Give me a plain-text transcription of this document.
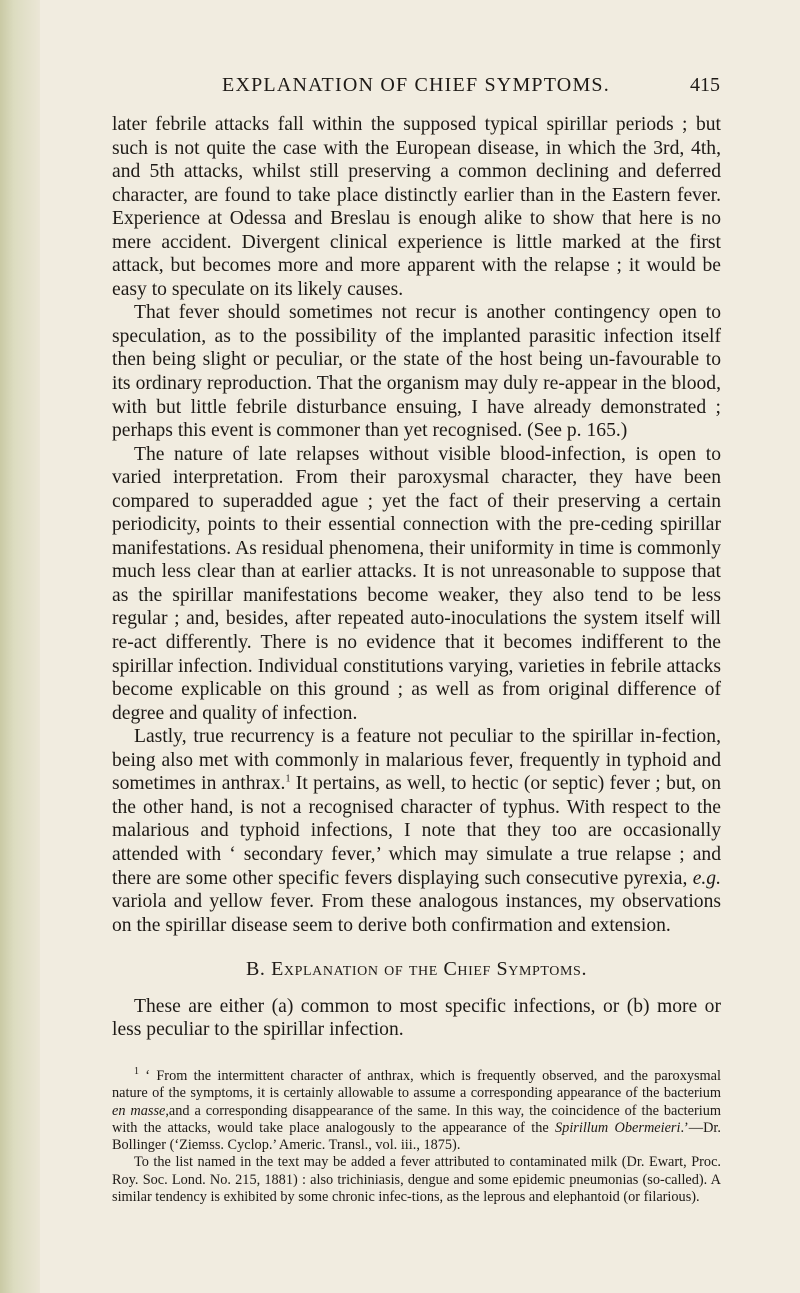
EXPLANATION OF CHIEF SYMPTOMS.	415

later febrile attacks fall within the supposed typical spirillar periods ; but such is not quite the case with the European disease, in which the 3rd, 4th, and 5th attacks, whilst still preserving a common declining and deferred character, are found to take place distinctly earlier than in the Eastern fever. Experience at Odessa and Breslau is enough alike to show that here is no mere accident. Divergent clinical experience is little marked at the first attack, but becomes more and more apparent with the relapse ; it would be easy to speculate on its likely causes.

That fever should sometimes not recur is another contingency open to speculation, as to the possibility of the implanted parasitic infection itself then being slight or peculiar, or the state of the host being un-favourable to its ordinary reproduction. That the organism may duly re-appear in the blood, with but little febrile disturbance ensuing, I have already demonstrated ; perhaps this event is commoner than yet recognised. (See p. 165.)

The nature of late relapses without visible blood-infection, is open to varied interpretation. From their paroxysmal character, they have been compared to superadded ague ; yet the fact of their preserving a certain periodicity, points to their essential connection with the pre-ceding spirillar manifestations. As residual phenomena, their uniformity in time is commonly much less clear than at earlier attacks. It is not unreasonable to suppose that as the spirillar manifestations become weaker, they also tend to be less regular ; and, besides, after repeated auto-inoculations the system itself will re-act differently. There is no evidence that it becomes indifferent to the spirillar infection. Individual constitutions varying, varieties in febrile attacks become explicable on this ground ; as well as from original difference of degree and quality of infection.

Lastly, true recurrency is a feature not peculiar to the spirillar in-fection, being also met with commonly in malarious fever, frequently in typhoid and sometimes in anthrax.$^1$ It pertains, as well, to hectic (or septic) fever ; but, on the other hand, is not a recognised character of typhus. With respect to the malarious and typhoid infections, I note that they too are occasionally attended with ‘ secondary fever,’ which may simulate a true relapse ; and there are some other specific fevers displaying such consecutive pyrexia, e.g. variola and yellow fever. From these analogous instances, my observations on the spirillar disease seem to derive both confirmation and extension.

B. Explanation of the Chief Symptoms.

These are either (a) common to most specific infections, or (b) more or less peculiar to the spirillar infection.

$^1$ ‘ From the intermittent character of anthrax, which is frequently observed, and the paroxysmal nature of the symptoms, it is certainly allowable to assume a corresponding appearance of the bacterium en masse,and a corresponding disappearance of the same. In this way, the coincidence of the bacterium with the attacks, would take place analogously to the appearance of the Spirillum Obermeieri.’—Dr. Bollinger (‘Ziemss. Cyclop.’ Americ. Transl., vol. iii., 1875).

To the list named in the text may be added a fever attributed to contaminated milk (Dr. Ewart, Proc. Roy. Soc. Lond. No. 215, 1881) : also trichiniasis, dengue and some epidemic pneumonias (so-called). A similar tendency is exhibited by some chronic infec-tions, as the leprous and elephantoid (or filarious).
